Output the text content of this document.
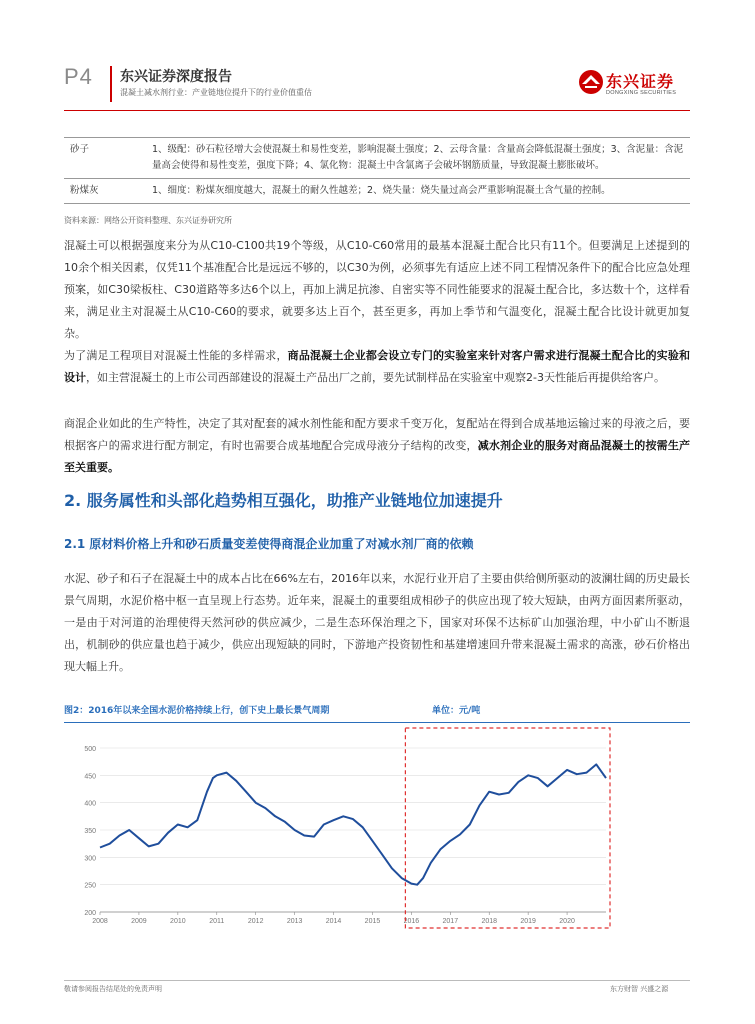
P4 东兴证券深度报告
混凝土减水剂行业：产业链地位提升下的行业价值重估
东兴证券
DONGXING SECURITIES
砂子	1、级配：砂石粒径增大会使混凝土和易性变差，影响混凝土强度；2、云母含量：含量高会降低混凝土强度；3、含泥量：含泥量高会使得和易性变差，强度下降；4、氯化物：混凝土中含氯离子会破坏钢筋质量，导致混凝土膨胀破坏。
粉煤灰	1、细度：粉煤灰细度越大，混凝土的耐久性越差；2、烧失量：烧失量过高会严重影响混凝土含气量的控制。
资料来源：网络公开资料整理、东兴证券研究所

混凝土可以根据强度来分为从C10-C100共19个等级，从C10-C60常用的最基本混凝土配合比只有11个。但要满足上述提到的10余个相关因素，仅凭11个基准配合比是远远不够的，以C30为例，必须事先有适应上述不同工程情况条件下的配合比应急处理预案，如C30梁板柱、C30道路等多达6个以上，再加上满足抗渗、自密实等不同性能要求的混凝土配合比，多达数十个，这样看来，满足业主对混凝土从C10-C60的要求，就要多达上百个，甚至更多，再加上季节和气温变化，混凝土配合比设计就更加复杂。

为了满足工程项目对混凝土性能的多样需求，商品混凝土企业都会设立专门的实验室来针对客户需求进行混凝土配合比的实验和设计，如主营混凝土的上市公司西部建设的混凝土产品出厂之前，要先试制样品在实验室中观察2-3天性能后再提供给客户。

商混企业如此的生产特性，决定了其对配套的减水剂性能和配方要求千变万化，复配站在得到合成基地运输过来的母液之后，要根据客户的需求进行配方制定，有时也需要合成基地配合完成母液分子结构的改变，减水剂企业的服务对商品混凝土的按需生产至关重要。

2. 服务属性和头部化趋势相互强化，助推产业链地位加速提升
2.1 原材料价格上升和砂石质量变差使得商混企业加重了对减水剂厂商的依赖

水泥、砂子和石子在混凝土中的成本占比在66%左右，2016年以来，水泥行业开启了主要由供给侧所驱动的波澜壮阔的历史最长景气周期，水泥价格中枢一直呈现上行态势。近年来，混凝土的重要组成相砂子的供应出现了较大短缺，由两方面因素所驱动，一是由于对河道的治理使得天然河砂的供应减少，二是生态环保治理之下，国家对环保不达标矿山加强治理，中小矿山不断退出，机制砂的供应量也趋于减少，供应出现短缺的同时，下游地产投资韧性和基建增速回升带来混凝土需求的高涨，砂石价格出现大幅上升。

图2：2016年以来全国水泥价格持续上行，创下史上最长景气周期	单位：元/吨
200
250
300
350
400
450
500
2008	2009	2010	2011	2012	2013	2014	2015	2016	2017	2018	2019	2020
敬请参阅报告结尾处的免责声明	东方财智 兴盛之源
